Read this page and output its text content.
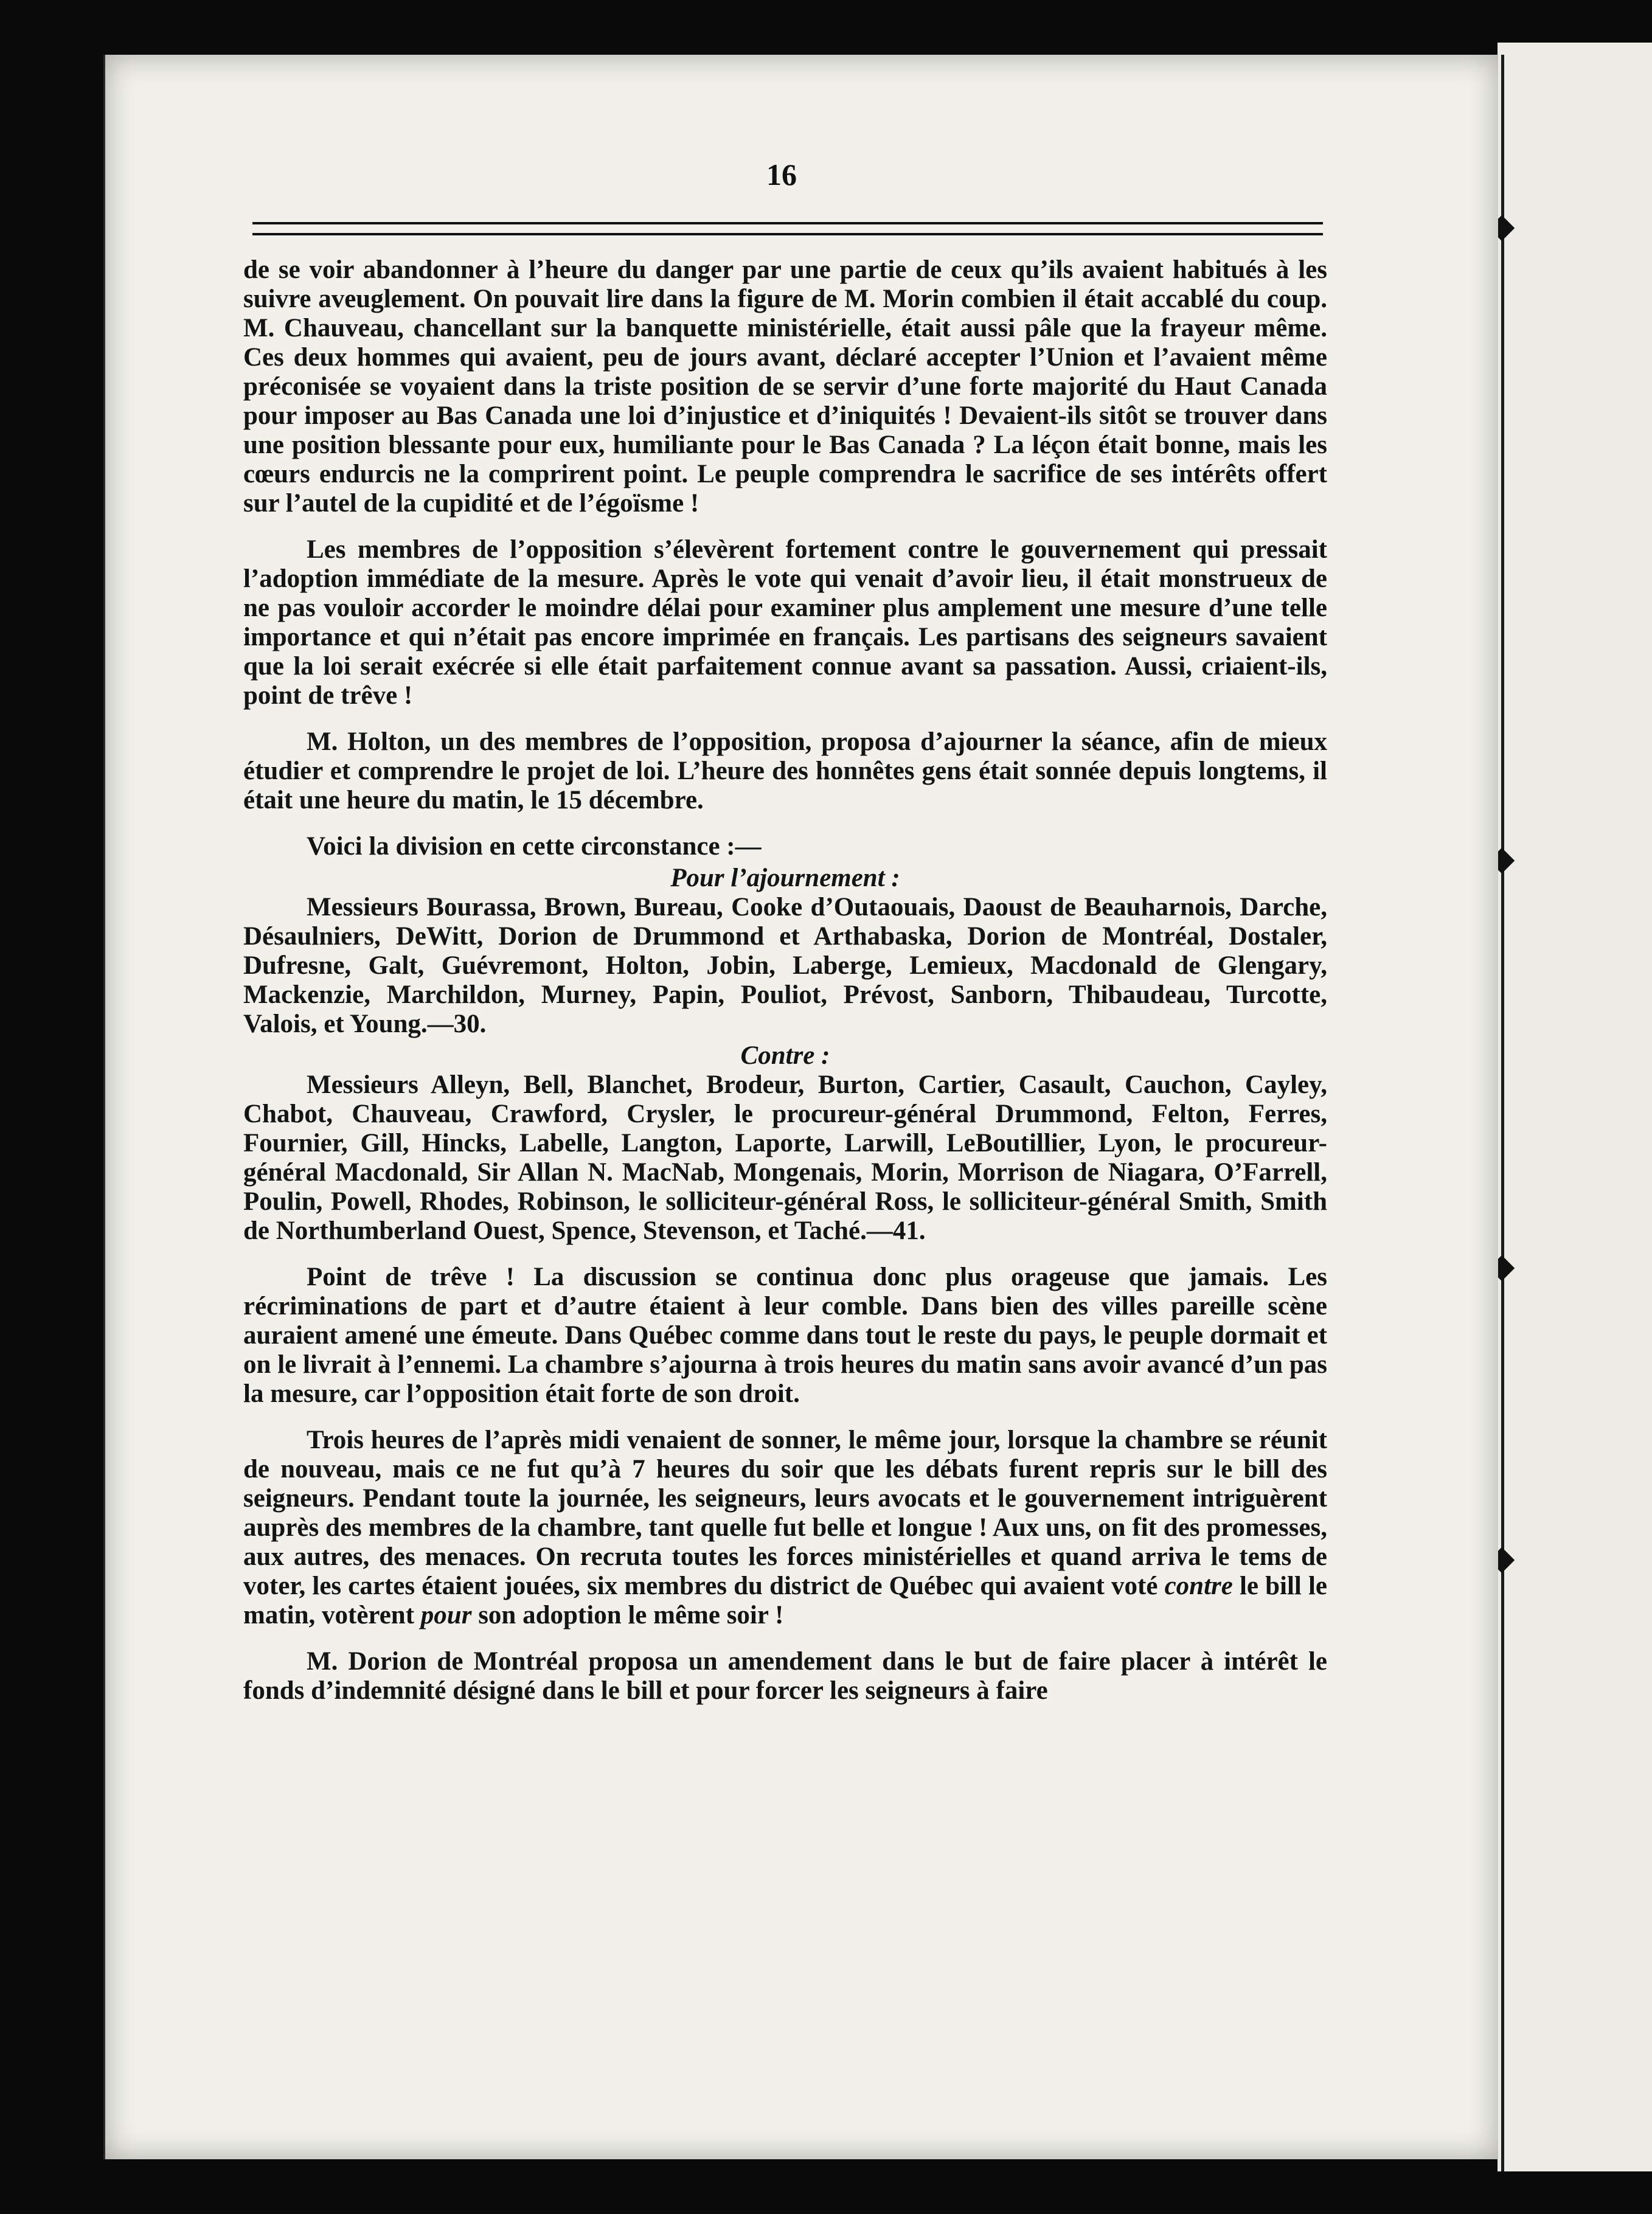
16

de se voir abandonner à l’heure du danger par une partie de ceux qu’ils avaient habitués à les suivre aveuglement. On pouvait lire dans la figure de M. Morin combien il était accablé du coup. M. Chauveau, chancellant sur la banquette ministérielle, était aussi pâle que la frayeur même. Ces deux hommes qui avaient, peu de jours avant, déclaré accepter l’Union et l’avaient même préconisée se voyaient dans la triste position de se servir d’une forte majorité du Haut Canada pour imposer au Bas Canada une loi d’injustice et d’iniquités ! Devaient-ils sitôt se trouver dans une position blessante pour eux, humiliante pour le Bas Canada ? La léçon était bonne, mais les cœurs endurcis ne la comprirent point. Le peuple comprendra le sacrifice de ses intérêts offert sur l’autel de la cupidité et de l’égoïsme !

Les membres de l’opposition s’élevèrent fortement contre le gouvernement qui pressait l’adoption immédiate de la mesure. Après le vote qui venait d’avoir lieu, il était monstrueux de ne pas vouloir accorder le moindre délai pour examiner plus amplement une mesure d’une telle importance et qui n’était pas encore imprimée en français. Les partisans des seigneurs savaient que la loi serait exécrée si elle était parfaitement connue avant sa passation. Aussi, criaient-ils, point de trêve !

M. Holton, un des membres de l’opposition, proposa d’ajourner la séance, afin de mieux étudier et comprendre le projet de loi. L’heure des honnêtes gens était sonnée depuis longtems, il était une heure du matin, le 15 décembre.

Voici la division en cette circonstance :—

Pour l’ajournement :

Messieurs Bourassa, Brown, Bureau, Cooke d’Outaouais, Daoust de Beauharnois, Darche, Désaulniers, DeWitt, Dorion de Drummond et Arthabaska, Dorion de Montréal, Dostaler, Dufresne, Galt, Guévremont, Holton, Jobin, Laberge, Lemieux, Macdonald de Glengary, Mackenzie, Marchildon, Murney, Papin, Pouliot, Prévost, Sanborn, Thibaudeau, Turcotte, Valois, et Young.—30.

Contre :

Messieurs Alleyn, Bell, Blanchet, Brodeur, Burton, Cartier, Casault, Cauchon, Cayley, Chabot, Chauveau, Crawford, Crysler, le procureur-général Drummond, Felton, Ferres, Fournier, Gill, Hincks, Labelle, Langton, Laporte, Larwill, LeBoutillier, Lyon, le procureur-général Macdonald, Sir Allan N. MacNab, Mongenais, Morin, Morrison de Niagara, O’Farrell, Poulin, Powell, Rhodes, Robinson, le solliciteur-général Ross, le solliciteur-général Smith, Smith de Northumberland Ouest, Spence, Stevenson, et Taché.—41.

Point de trêve ! La discussion se continua donc plus orageuse que jamais. Les récriminations de part et d’autre étaient à leur comble. Dans bien des villes pareille scène auraient amené une émeute. Dans Québec comme dans tout le reste du pays, le peuple dormait et on le livrait à l’ennemi. La chambre s’ajourna à trois heures du matin sans avoir avancé d’un pas la mesure, car l’opposition était forte de son droit.

Trois heures de l’après midi venaient de sonner, le même jour, lorsque la chambre se réunit de nouveau, mais ce ne fut qu’à 7 heures du soir que les débats furent repris sur le bill des seigneurs. Pendant toute la journée, les seigneurs, leurs avocats et le gouvernement intriguèrent auprès des membres de la chambre, tant quelle fut belle et longue ! Aux uns, on fit des promesses, aux autres, des menaces. On recruta toutes les forces ministérielles et quand arriva le tems de voter, les cartes étaient jouées, six membres du district de Québec qui avaient voté contre le bill le matin, votèrent pour son adoption le même soir !

M. Dorion de Montréal proposa un amendement dans le but de faire placer à intérêt le fonds d’indemnité désigné dans le bill et pour forcer les seigneurs à faire
